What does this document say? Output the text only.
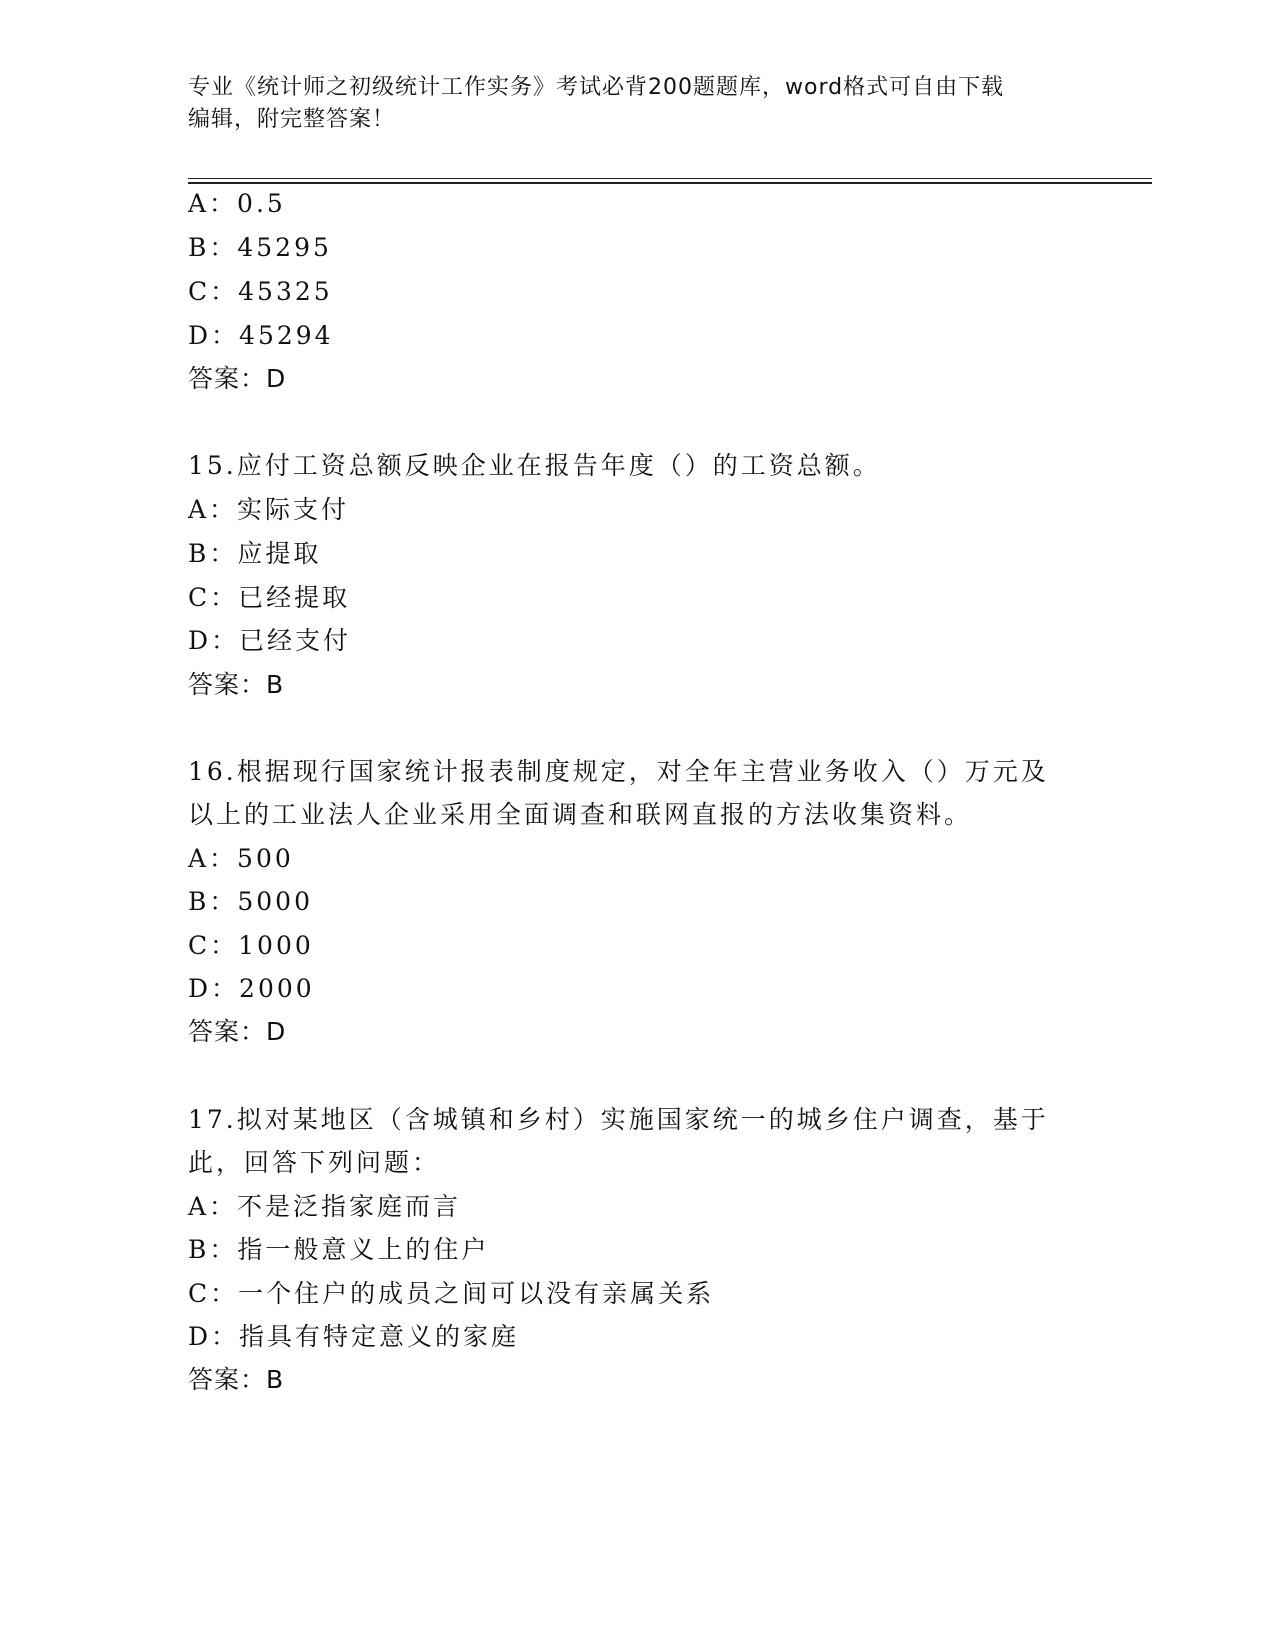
专业《统计师之初级统计工作实务》考试必背200题题库，word格式可自由下载
编辑，附完整答案！
A：0.5
B：45295
C：45325
D：45294
答案：D
15.应付工资总额反映企业在报告年度（）的工资总额。
A：实际支付
B：应提取
C：已经提取
D：已经支付
答案：B
16.根据现行国家统计报表制度规定，对全年主营业务收入（）万元及
以上的工业法人企业采用全面调查和联网直报的方法收集资料。
A：500
B：5000
C：1000
D：2000
答案：D
17.拟对某地区（含城镇和乡村）实施国家统一的城乡住户调查，基于
此，回答下列问题：
A：不是泛指家庭而言
B：指一般意义上的住户
C：一个住户的成员之间可以没有亲属关系
D：指具有特定意义的家庭
答案：B
